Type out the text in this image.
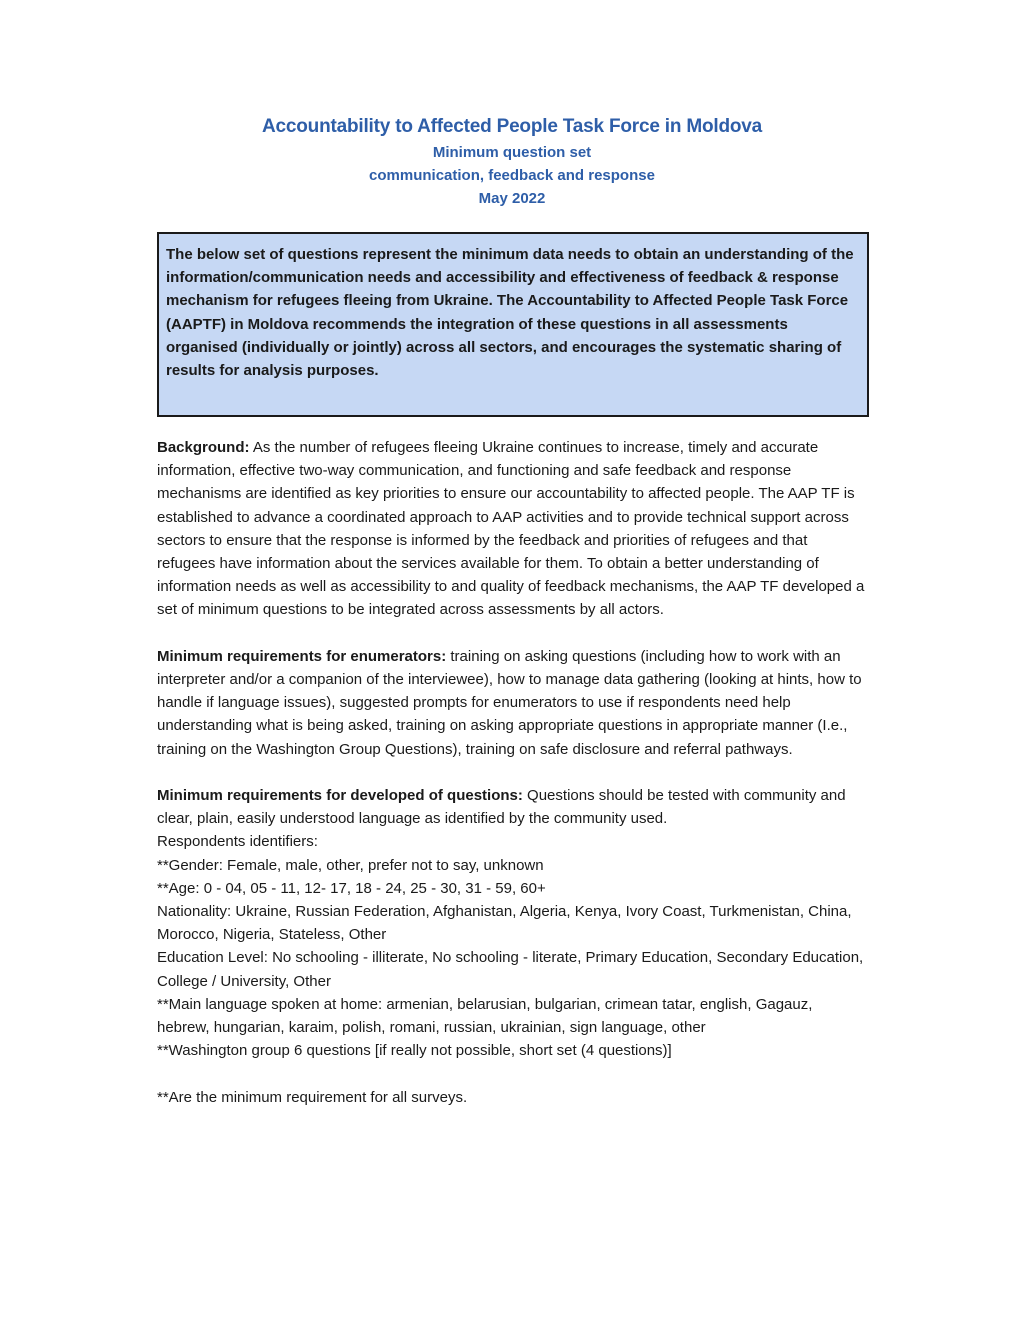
Accountability to Affected People Task Force in Moldova
Minimum question set
communication, feedback and response
May 2022
The below set of questions represent the minimum data needs to obtain an understanding of the information/communication needs and accessibility and effectiveness of feedback & response mechanism for refugees fleeing from Ukraine. The Accountability to Affected People Task Force (AAPTF) in Moldova recommends the integration of these questions in all assessments organised (individually or jointly) across all sectors, and encourages the systematic sharing of results for analysis purposes.

Background: As the number of refugees fleeing Ukraine continues to increase, timely and accurate information, effective two-way communication, and functioning and safe feedback and response mechanisms are identified as key priorities to ensure our accountability to affected people. The AAP TF is established to advance a coordinated approach to AAP activities and to provide technical support across sectors to ensure that the response is informed by the feedback and priorities of refugees and that refugees have information about the services available for them. To obtain a better understanding of information needs as well as accessibility to and quality of feedback mechanisms, the AAP TF developed a set of minimum questions to be integrated across assessments by all actors.

Minimum requirements for enumerators: training on asking questions (including how to work with an interpreter and/or a companion of the interviewee), how to manage data gathering (looking at hints, how to handle if language issues), suggested prompts for enumerators to use if respondents need help understanding what is being asked, training on asking appropriate questions in appropriate manner (I.e., training on the Washington Group Questions), training on safe disclosure and referral pathways.

Minimum requirements for developed of questions: Questions should be tested with community and clear, plain, easily understood language as identified by the community used.

Respondents identifiers:
**Gender: Female, male, other, prefer not to say, unknown
**Age: 0 - 04, 05 - 11, 12- 17, 18 - 24, 25 - 30, 31 - 59, 60+
Nationality: Ukraine, Russian Federation, Afghanistan, Algeria, Kenya, Ivory Coast, Turkmenistan, China, Morocco, Nigeria, Stateless, Other
Education Level: No schooling - illiterate, No schooling - literate, Primary Education, Secondary Education, College / University, Other
**Main language spoken at home: armenian, belarusian, bulgarian, crimean tatar, english, Gagauz, hebrew, hungarian, karaim, polish, romani, russian, ukrainian, sign language, other
**Washington group 6 questions [if really not possible, short set (4 questions)]
**Are the minimum requirement for all surveys.
